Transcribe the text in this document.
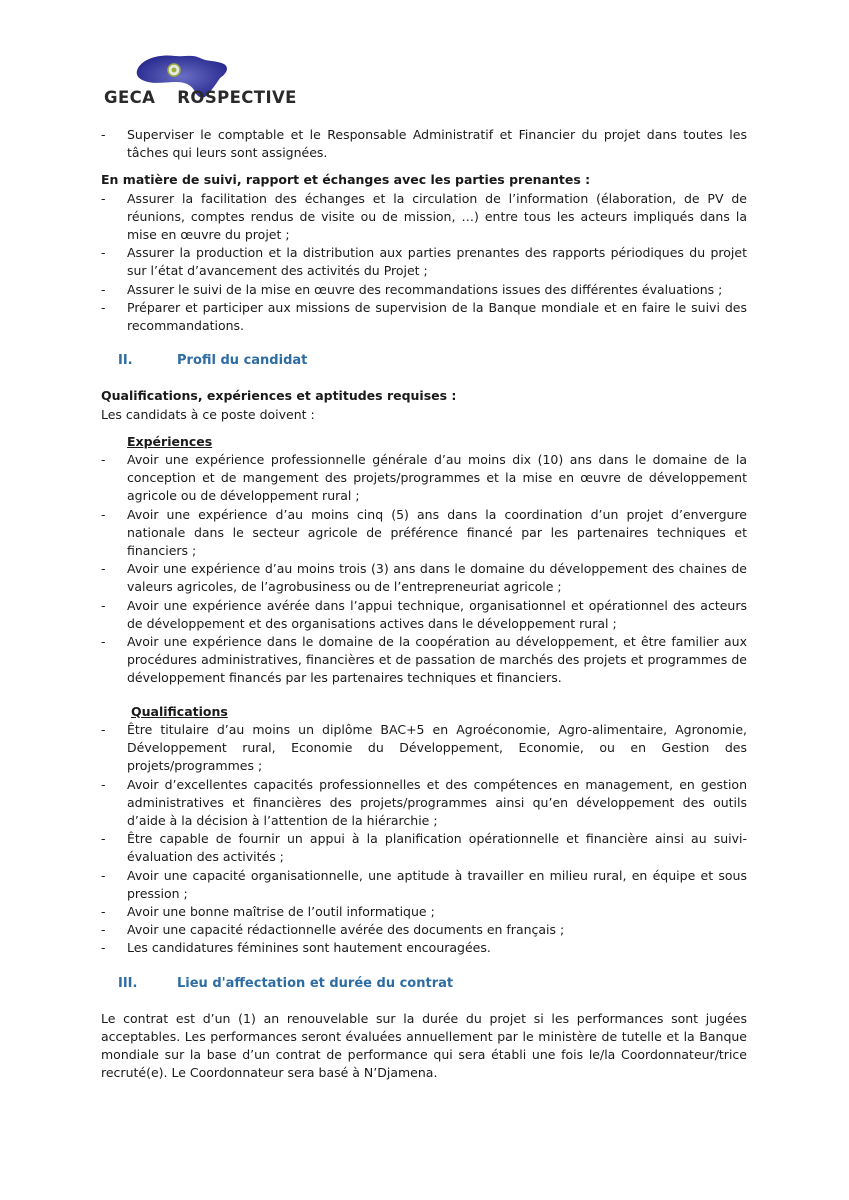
GECA ROSPECTIVE
- Superviser le comptable et le Responsable Administratif et Financier du projet dans toutes les tâches qui leurs sont assignées.

En matière de suivi, rapport et échanges avec les parties prenantes :

- Assurer la facilitation des échanges et la circulation de l’information (élaboration, de PV de réunions, comptes rendus de visite ou de mission, …) entre tous les acteurs impliqués dans la mise en œuvre du projet ;
- Assurer la production et la distribution aux parties prenantes des rapports périodiques du projet sur l’état d’avancement des activités du Projet ;
- Assurer le suivi de la mise en œuvre des recommandations issues des différentes évaluations ;
- Préparer et participer aux missions de supervision de la Banque mondiale et en faire le suivi des recommandations.
II.	Profil du candidat

Qualifications, expériences et aptitudes requises :

Les candidats à ce poste doivent :

Expériences

- Avoir une expérience professionnelle générale d’au moins dix (10) ans dans le domaine de la conception et de mangement des projets/programmes et la mise en œuvre de développement agricole ou de développement rural ;
- Avoir une expérience d’au moins cinq (5) ans dans la coordination d’un projet d’envergure nationale dans le secteur agricole de préférence financé par les partenaires techniques et financiers ;
- Avoir une expérience d’au moins trois (3) ans dans le domaine du développement des chaines de valeurs agricoles, de l’agrobusiness ou de l’entrepreneuriat agricole ;
- Avoir une expérience avérée dans l’appui technique, organisationnel et opérationnel des acteurs de développement et des organisations actives dans le développement rural ;
- Avoir une expérience dans le domaine de la coopération au développement, et être familier aux procédures administratives, financières et de passation de marchés des projets et programmes de développement financés par les partenaires techniques et financiers.

Qualifications

- Être titulaire d’au moins un diplôme BAC+5 en Agroéconomie, Agro-alimentaire, Agronomie, Développement rural, Economie du Développement, Economie, ou en Gestion des projets/programmes ;
- Avoir d’excellentes capacités professionnelles et des compétences en management, en gestion administratives et financières des projets/programmes ainsi qu’en développement des outils d’aide à la décision à l’attention de la hiérarchie ;
- Être capable de fournir un appui à la planification opérationnelle et financière ainsi au suivi-évaluation des activités ;
- Avoir une capacité organisationnelle, une aptitude à travailler en milieu rural, en équipe et sous pression ;
- Avoir une bonne maîtrise de l’outil informatique ;
- Avoir une capacité rédactionnelle avérée des documents en français ;
- Les candidatures féminines sont hautement encouragées.
III.	Lieu d'affectation et durée du contrat

Le contrat est d’un (1) an renouvelable sur la durée du projet si les performances sont jugées acceptables. Les performances seront évaluées annuellement par le ministère de tutelle et la Banque mondiale sur la base d’un contrat de performance qui sera établi une fois le/la Coordonnateur/trice recruté(e). Le Coordonnateur sera basé à N’Djamena.
